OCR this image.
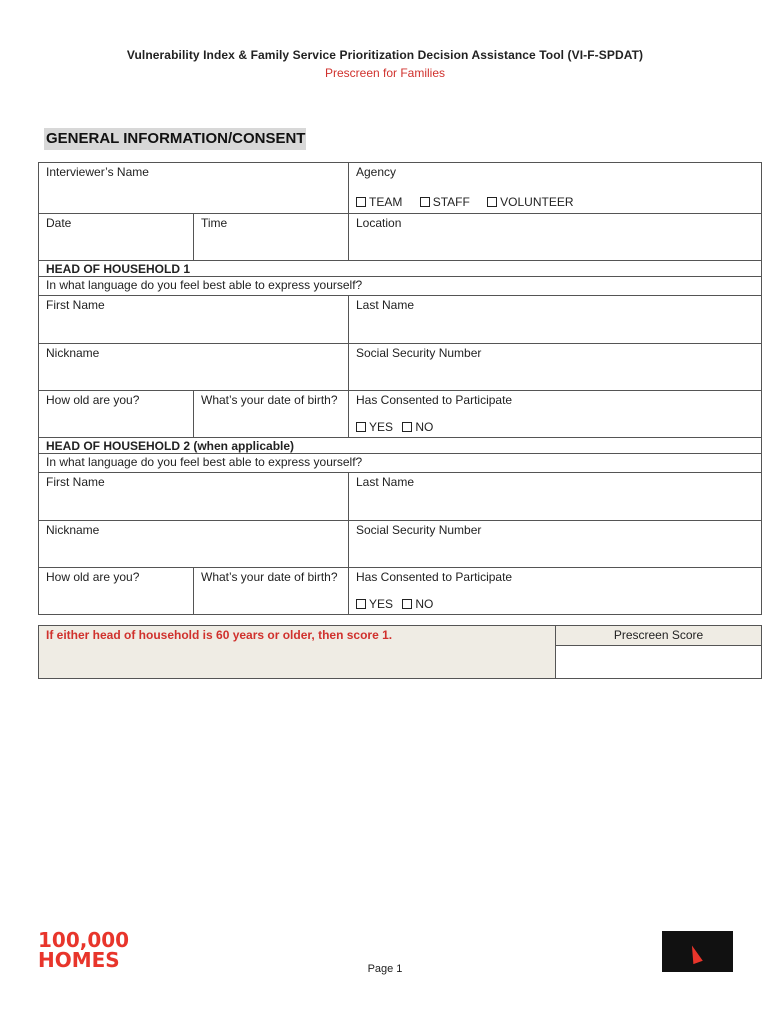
Vulnerability Index & Family Service Prioritization Decision Assistance Tool (VI-F-SPDAT)
Prescreen for Families
GENERAL INFORMATION/CONSENT
Interviewer’s Name		Agency
TEAM STAFF VOLUNTEER

Date	Time	Location
HEAD OF HOUSEHOLD 1		
In what language do you feel best able to express yourself?		
First Name		Last Name
Nickname		Social Security Number
How old are you?	What’s your date of birth?	Has Consented to Participate
YES NO

HEAD OF HOUSEHOLD 2 (when applicable)		
In what language do you feel best able to express yourself?		
First Name		Last Name
Nickname		Social Security Number
How old are you?	What’s your date of birth?	Has Consented to Participate
YES NO
If either head of household is 60 years or older, then score 1.	Prescreen Score

100,000
HOMES	Page 1
